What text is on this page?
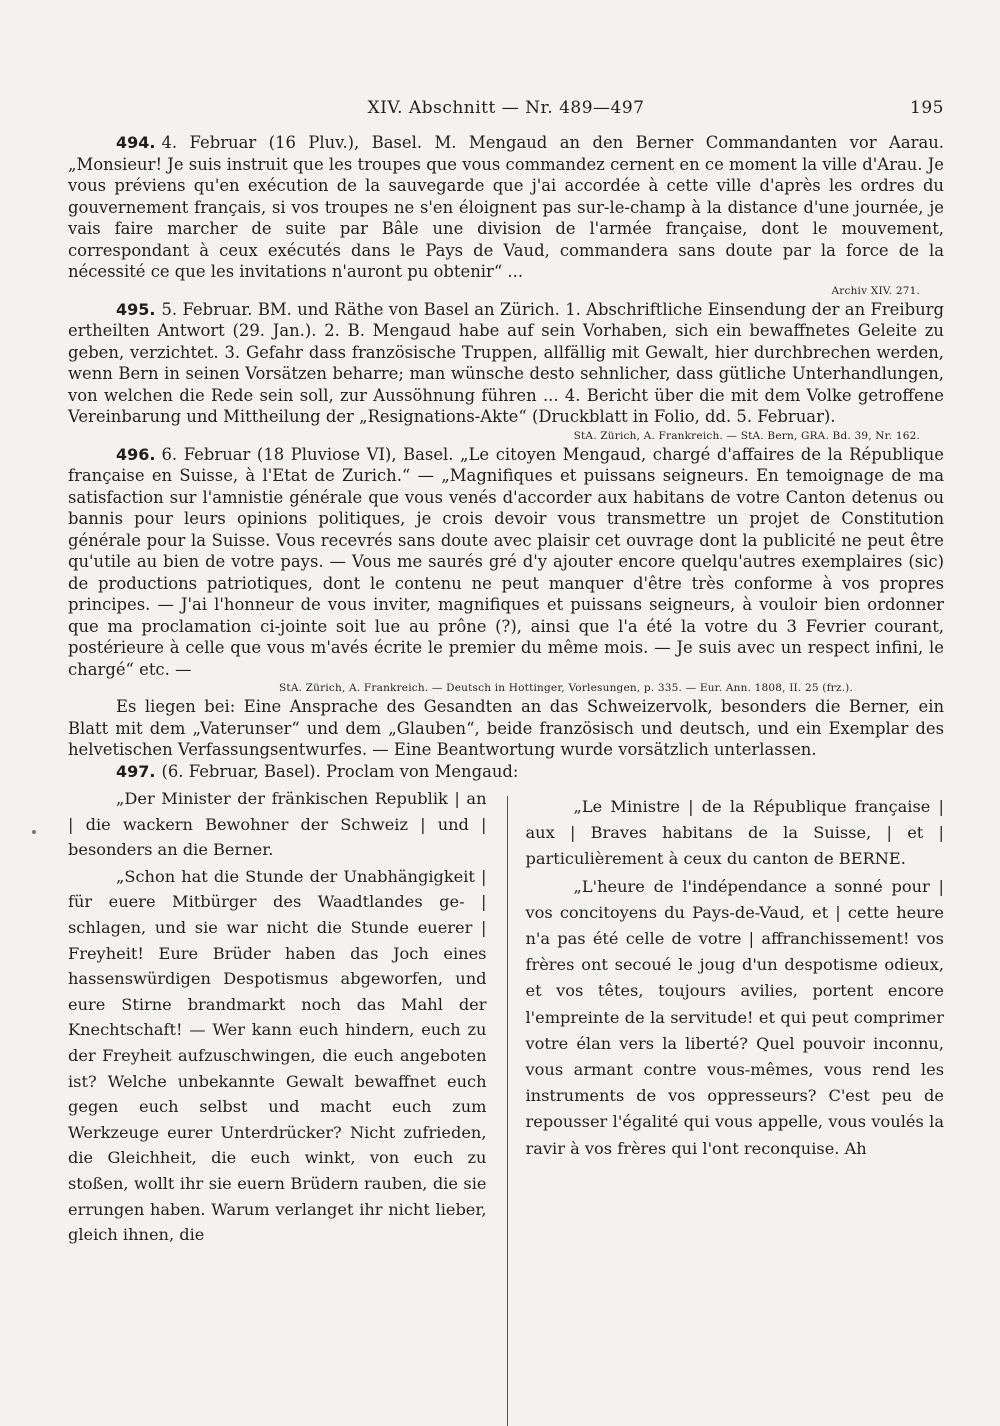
XIV. Abschnitt — Nr. 489—497	195

494. 4. Februar (16 Pluv.), Basel. M. Mengaud an den Berner Commandanten vor Aarau. „Monsieur! Je suis instruit que les troupes que vous commandez cernent en ce moment la ville d'Arau. Je vous préviens qu'en exécution de la sauvegarde que j'ai accordée à cette ville d'après les ordres du gouvernement français, si vos troupes ne s'en éloignent pas sur-le-champ à la distance d'une journée, je vais faire marcher de suite par Bâle une division de l'armée française, dont le mouvement, correspondant à ceux exécutés dans le Pays de Vaud, commandera sans doute par la force de la nécessité ce que les invitations n'auront pu obtenir“ ...

Archiv XIV. 271.

495. 5. Februar. BM. und Räthe von Basel an Zürich. 1. Abschriftliche Einsendung der an Freiburg ertheilten Antwort (29. Jan.). 2. B. Mengaud habe auf sein Vorhaben, sich ein bewaffnetes Geleite zu geben, verzichtet. 3. Gefahr dass französische Truppen, allfällig mit Gewalt, hier durchbrechen werden, wenn Bern in seinen Vorsätzen beharre; man wünsche desto sehnlicher, dass gütliche Unterhandlungen, von welchen die Rede sein soll, zur Aussöhnung führen ... 4. Bericht über die mit dem Volke getroffene Vereinbarung und Mittheilung der „Resignations-Akte“ (Druckblatt in Folio, dd. 5. Februar).

StA. Zürich, A. Frankreich. — StA. Bern, GRA. Bd. 39, Nr. 162.

496. 6. Februar (18 Pluviose VI), Basel. „Le citoyen Mengaud, chargé d'affaires de la République française en Suisse, à l'Etat de Zurich.“ — „Magnifiques et puissans seigneurs. En temoignage de ma satisfaction sur l'amnistie générale que vous venés d'accorder aux habitans de votre Canton detenus ou bannis pour leurs opinions politiques, je crois devoir vous transmettre un projet de Constitution générale pour la Suisse. Vous recevrés sans doute avec plaisir cet ouvrage dont la publicité ne peut être qu'utile au bien de votre pays. — Vous me saurés gré d'y ajouter encore quelqu'autres exemplaires (sic) de productions patriotiques, dont le contenu ne peut manquer d'être très conforme à vos propres principes. — J'ai l'honneur de vous inviter, magnifiques et puissans seigneurs, à vouloir bien ordonner que ma proclamation ci-jointe soit lue au prône (?), ainsi que l'a été la votre du 3 Fevrier courant, postérieure à celle que vous m'avés écrite le premier du même mois. — Je suis avec un respect infini, le chargé“ etc. —

StA. Zürich, A. Frankreich. — Deutsch in Hottinger, Vorlesungen, p. 335. — Eur. Ann. 1808, II. 25 (frz.).

Es liegen bei: Eine Ansprache des Gesandten an das Schweizervolk, besonders die Berner, ein Blatt mit dem „Vaterunser“ und dem „Glauben“, beide französisch und deutsch, und ein Exemplar des helvetischen Verfassungsentwurfes. — Eine Beantwortung wurde vorsätzlich unterlassen.

497. (6. Februar, Basel). Proclam von Mengaud:

„Der Minister der fränkischen Republik | an | die wackern Bewohner der Schweiz | und | besonders an die Berner.

„Schon hat die Stunde der Unabhängigkeit | für euere Mitbürger des Waadtlandes ge- | schlagen, und sie war nicht die Stunde euerer | Freyheit! Eure Brüder haben das Joch eines hassenswürdigen Despotismus abgeworfen, und eure Stirne brandmarkt noch das Mahl der Knechtschaft! — Wer kann euch hindern, euch zu der Freyheit aufzuschwingen, die euch angeboten ist? Welche unbekannte Gewalt bewaffnet euch gegen euch selbst und macht euch zum Werkzeuge eurer Unterdrücker? Nicht zufrieden, die Gleichheit, die euch winkt, von euch zu stoßen, wollt ihr sie euern Brüdern rauben, die sie errungen haben. Warum verlanget ihr nicht lieber, gleich ihnen, die

„Le Ministre | de la République française | aux | Braves habitans de la Suisse, | et | particulièrement à ceux du canton de BERNE.

„L'heure de l'indépendance a sonné pour | vos concitoyens du Pays-de-Vaud, et | cette heure n'a pas été celle de votre | affranchissement! vos frères ont secoué le joug d'un despotisme odieux, et vos têtes, toujours avilies, portent encore l'empreinte de la servitude! et qui peut comprimer votre élan vers la liberté? Quel pouvoir inconnu, vous armant contre vous-mêmes, vous rend les instruments de vos oppresseurs? C'est peu de repousser l'égalité qui vous appelle, vous voulés la ravir à vos frères qui l'ont reconquise. Ah
